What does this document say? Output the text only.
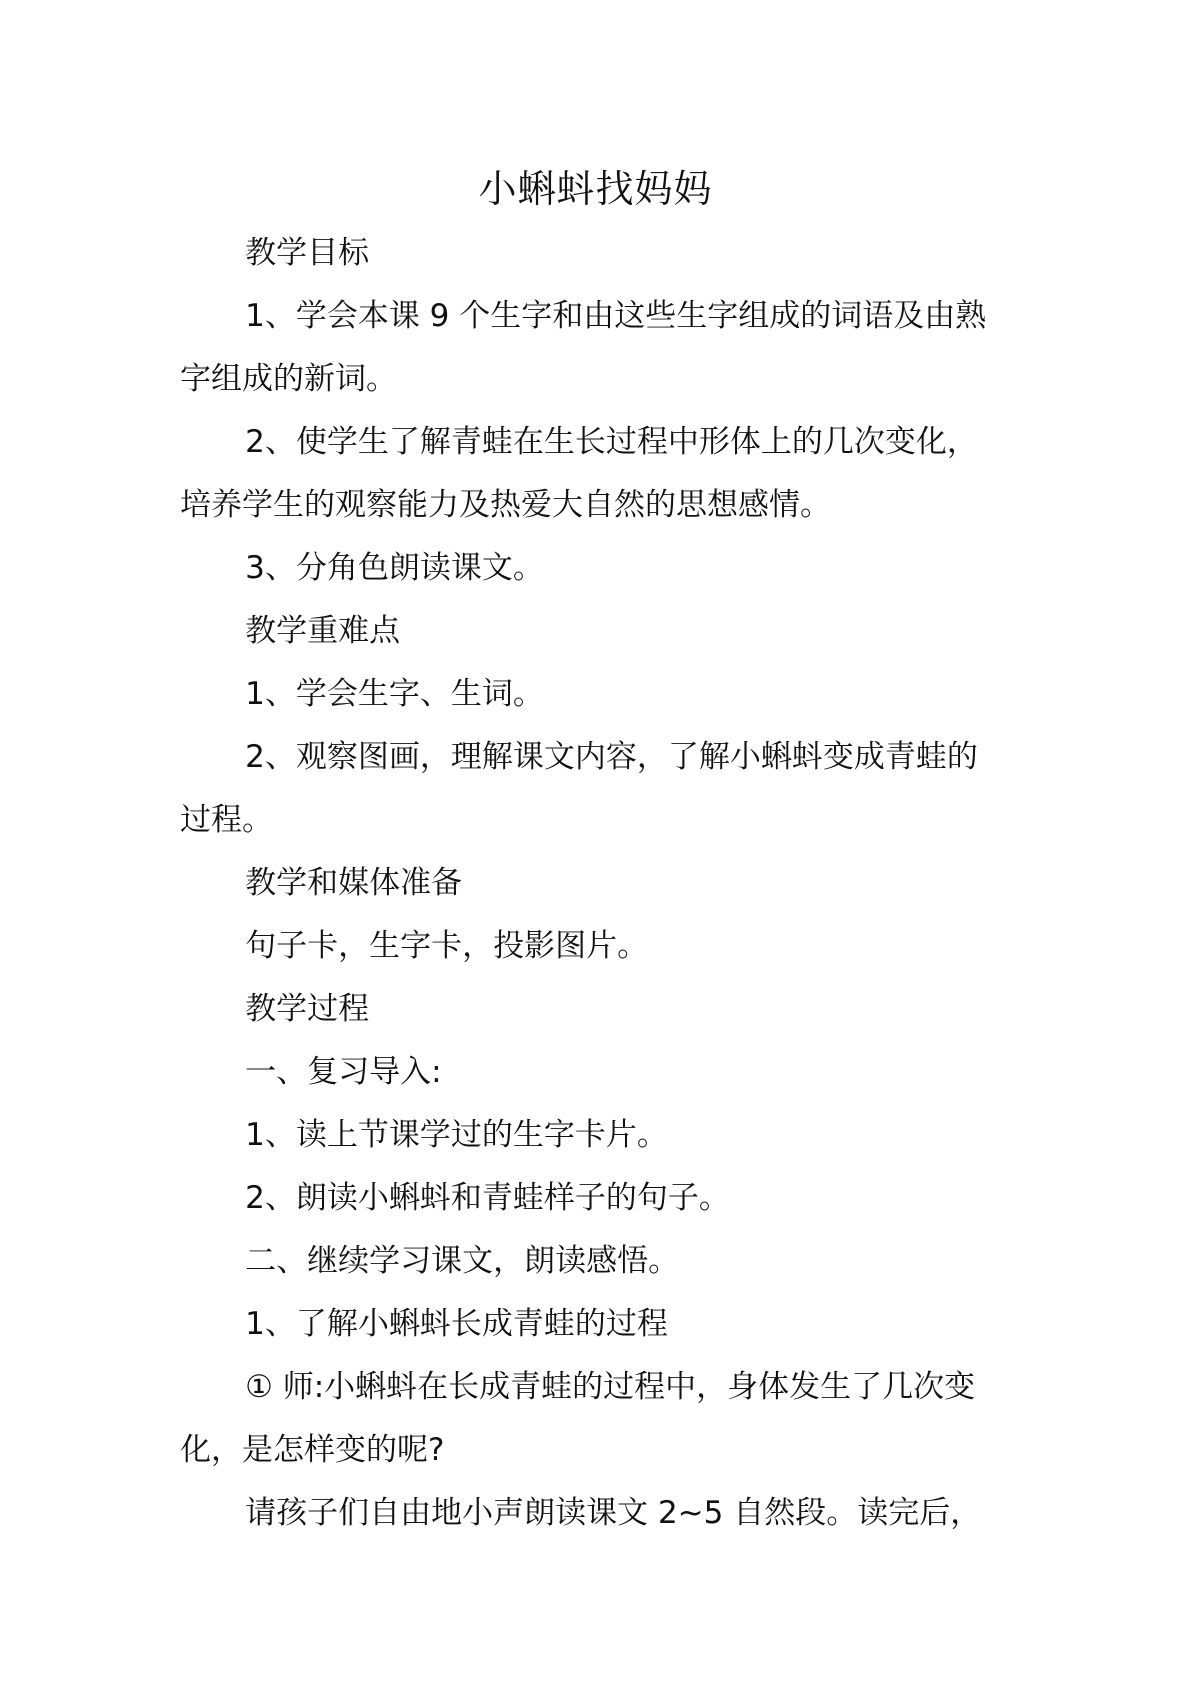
小蝌蚪找妈妈

教学目标

1、学会本课 9 个生字和由这些生字组成的词语及由熟字组成的新词。

2、使学生了解青蛙在生长过程中形体上的几次变化，培养学生的观察能力及热爱大自然的思想感情。

3、分角色朗读课文。

教学重难点

1、学会生字、生词。

2、观察图画，理解课文内容，了解小蝌蚪变成青蛙的过程。

教学和媒体准备

句子卡，生字卡，投影图片。

教学过程

一、复习导入:

1、读上节课学过的生字卡片。

2、朗读小蝌蚪和青蛙样子的句子。

二、继续学习课文，朗读感悟。

1、了解小蝌蚪长成青蛙的过程

① 师:小蝌蚪在长成青蛙的过程中，身体发生了几次变化，是怎样变的呢?

请孩子们自由地小声朗读课文 2~5 自然段。读完后，
